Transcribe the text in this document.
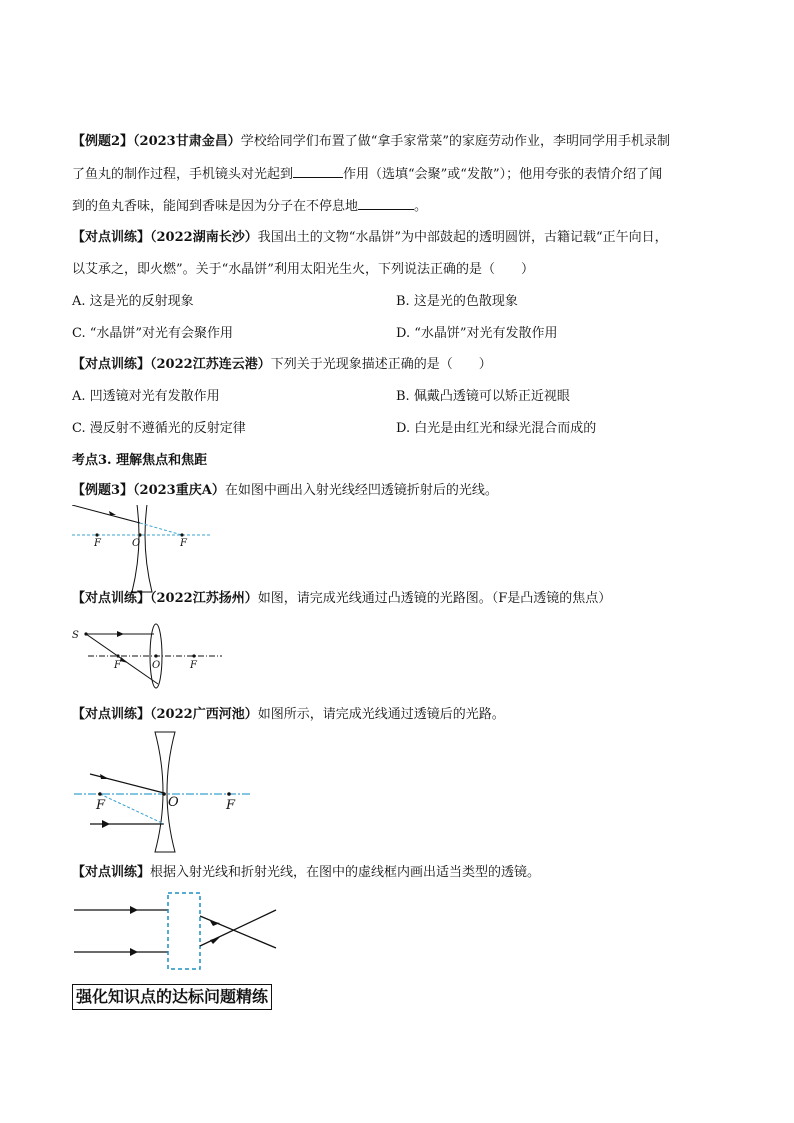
【例题2】（2023甘肃金昌）学校给同学们布置了做“拿手家常菜”的家庭劳动作业，李明同学用手机录制
了鱼丸的制作过程，手机镜头对光起到	作用（选填“会聚”或“发散”）；他用夸张的表情介绍了闻
到的鱼丸香味，能闻到香味是因为分子在不停息地	。
【对点训练】（2022湖南长沙）我国出土的文物“水晶饼”为中部鼓起的透明圆饼，古籍记载“正午向日，
以艾承之，即火燃”。关于“水晶饼”利用太阳光生火，下列说法正确的是（　　）
A. 这是光的反射现象	B. 这是光的色散现象
C. “水晶饼”对光有会聚作用	D. “水晶饼”对光有发散作用
【对点训练】（2022江苏连云港）下列关于光现象描述正确的是（　　）
A. 凹透镜对光有发散作用	B. 佩戴凸透镜可以矫正近视眼
C. 漫反射不遵循光的反射定律	D. 白光是由红光和绿光混合而成的
考点3. 理解焦点和焦距
【例题3】（2023重庆A）在如图中画出入射光线经凹透镜折射后的光线。
F	O	F
【对点训练】（2022江苏扬州）如图，请完成光线通过凸透镜的光路图。（F是凸透镜的焦点）
S
F	O	F
【对点训练】（2022广西河池）如图所示，请完成光线通过透镜后的光路。
F	O	F
【对点训练】根据入射光线和折射光线，在图中的虚线框内画出适当类型的透镜。
强化知识点的达标问题精练
